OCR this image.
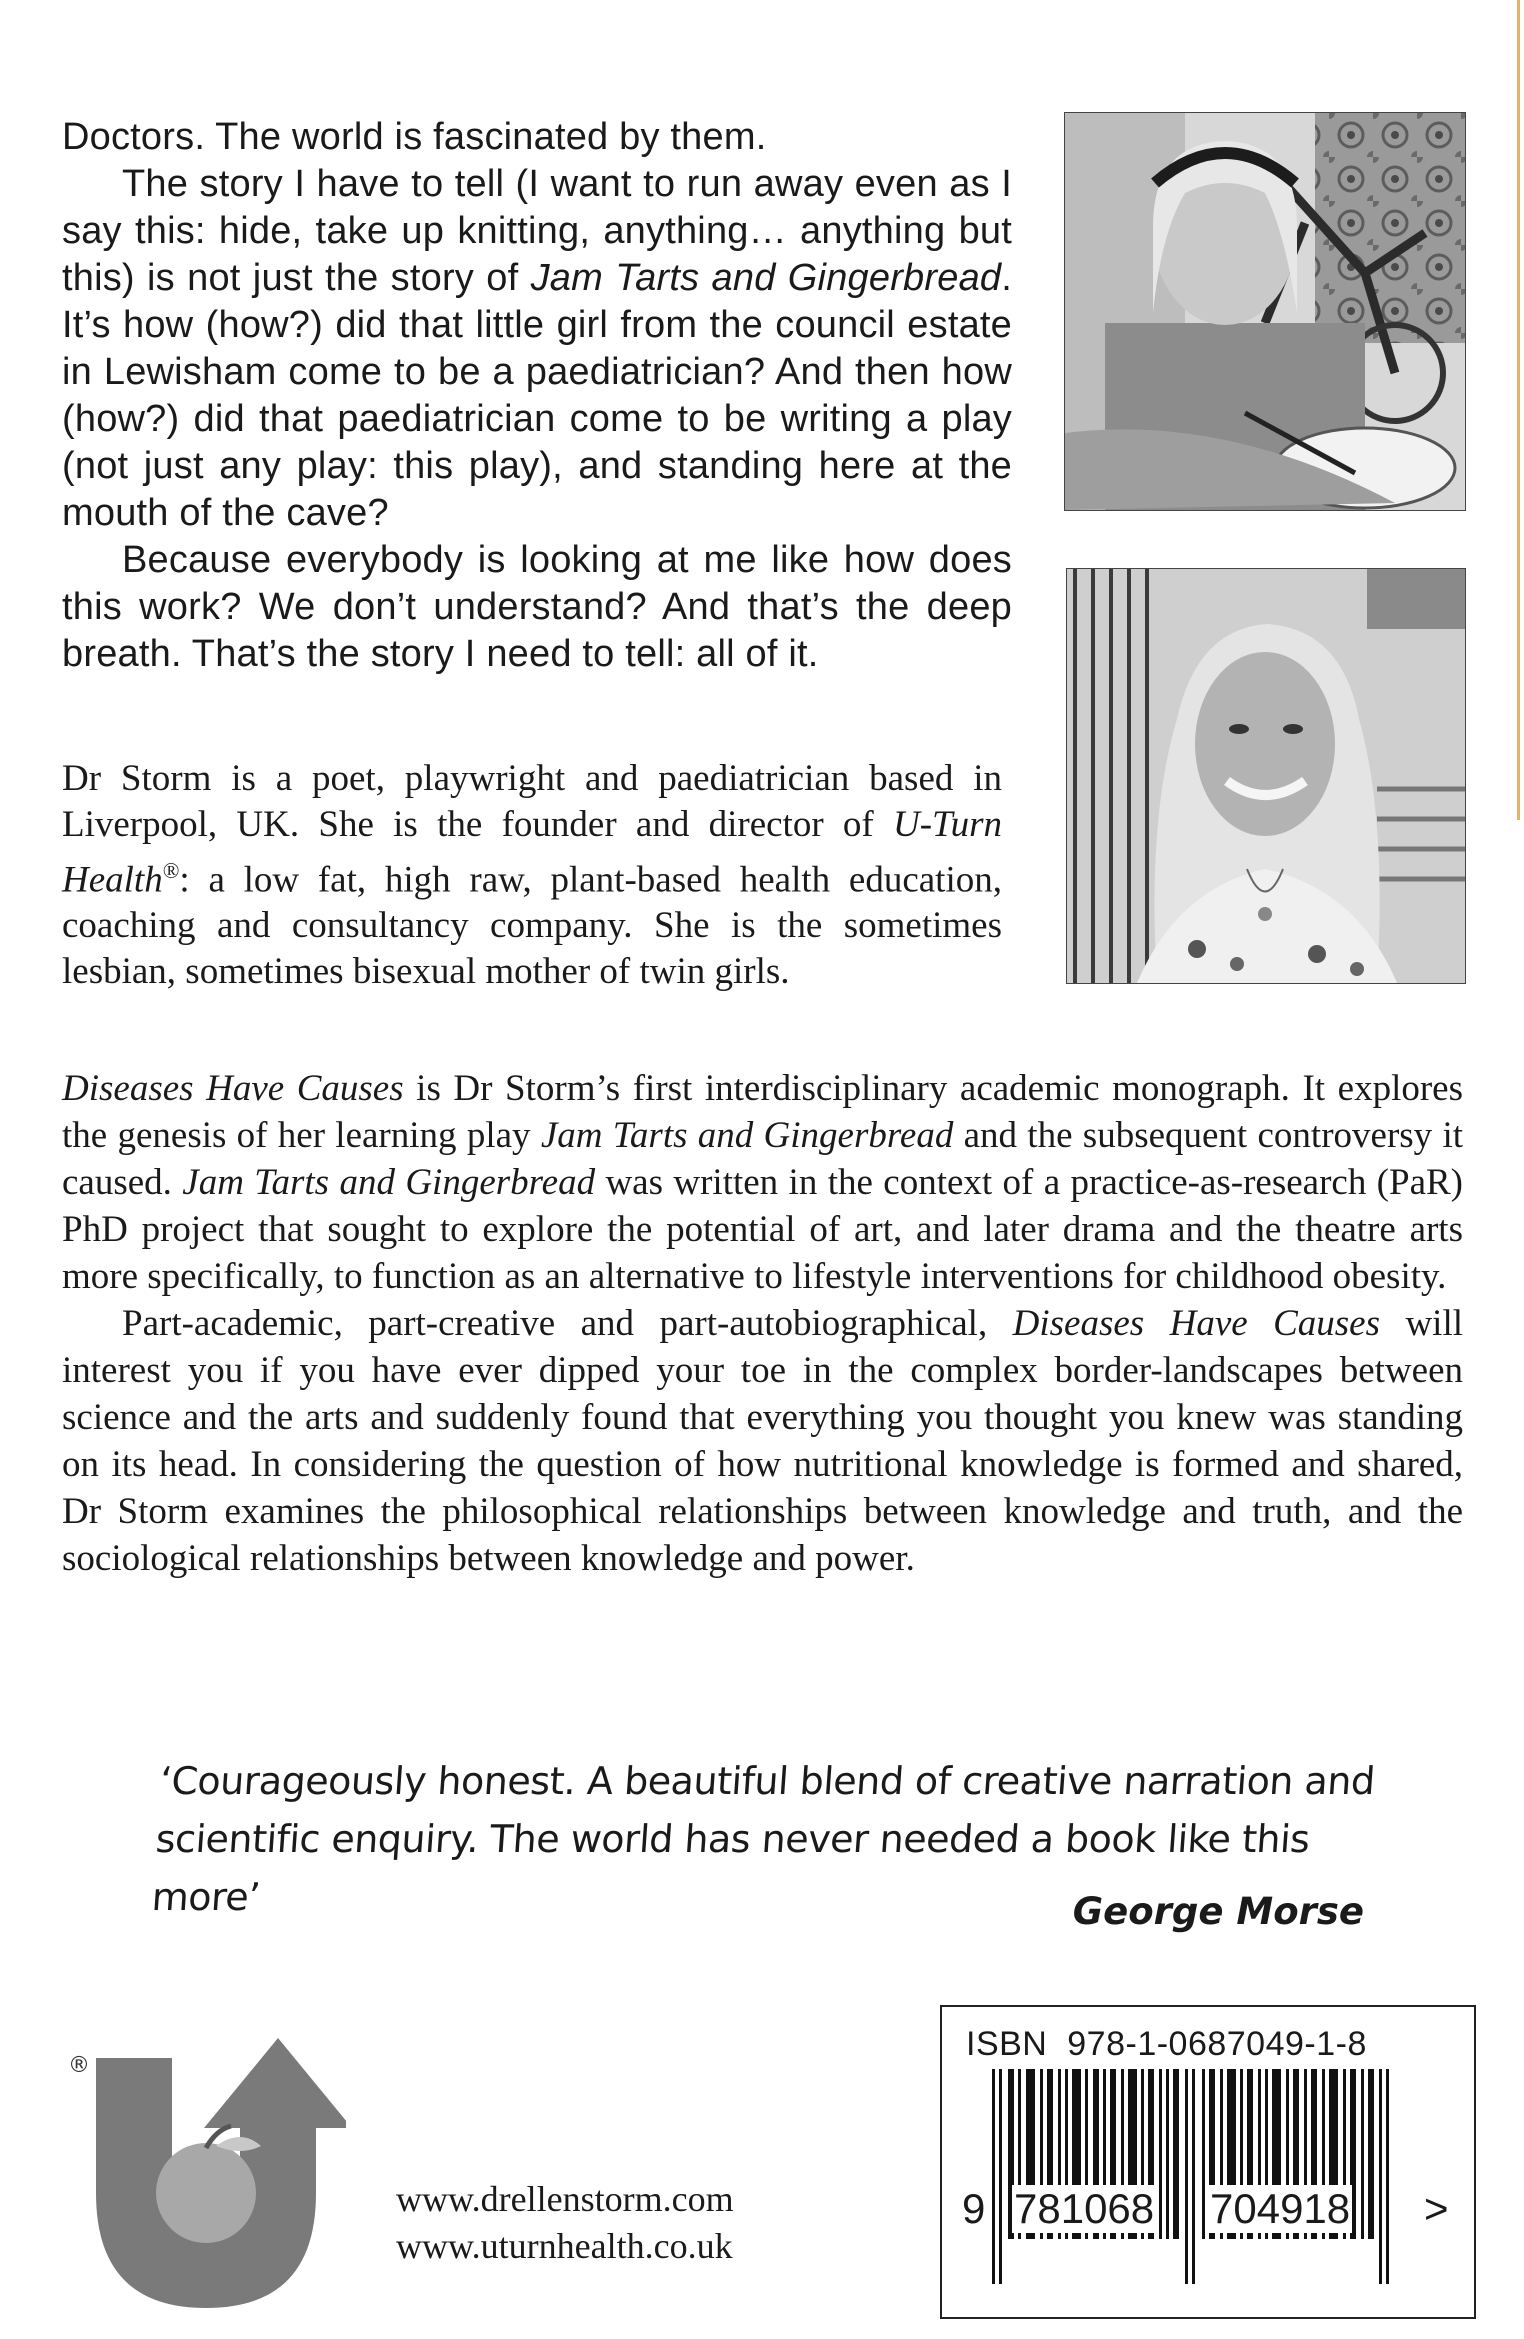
Doctors. The world is fascinated by them.

The story I have to tell (I want to run away even as I say this: hide, take up knitting, anything… anything but this) is not just the story of Jam Tarts and Gingerbread. It’s how (how?) did that little girl from the council estate in Lewisham come to be a paediatrician? And then how (how?) did that paediatrician come to be writing a play (not just any play: this play), and standing here at the mouth of the cave?

Because everybody is looking at me like how does this work? We don’t understand? And that’s the deep breath. That’s the story I need to tell: all of it.

Dr Storm is a poet, playwright and paediatrician based in Liverpool, UK. She is the founder and director of U-Turn Health®: a low fat, high raw, plant-based health education, coaching and consultancy company. She is the sometimes lesbian, sometimes bisexual mother of twin girls.

Diseases Have Causes is Dr Storm’s first interdisciplinary academic monograph. It explores the genesis of her learning play Jam Tarts and Gingerbread and the subsequent controversy it caused. Jam Tarts and Gingerbread was written in the context of a practice-as-research (PaR) PhD project that sought to explore the potential of art, and later drama and the theatre arts more specifically, to function as an alternative to lifestyle interventions for childhood obesity.

Part-academic, part-creative and part-autobiographical, Diseases Have Causes will interest you if you have ever dipped your toe in the complex border-landscapes between science and the arts and suddenly found that everything you thought you knew was standing on its head. In considering the question of how nutritional knowledge is formed and shared, Dr Storm examines the philosophical relationships between knowledge and truth, and the sociological relationships between knowledge and power.

‘Courageously honest. A beautiful blend of creative narration and
scientific enquiry. The world has never needed a book like this more’	George Morse
®
www.drellenstorm.com
www.uturnhealth.co.uk
ISBN 978-1-0687049-1-8
9 781068 704918 >
